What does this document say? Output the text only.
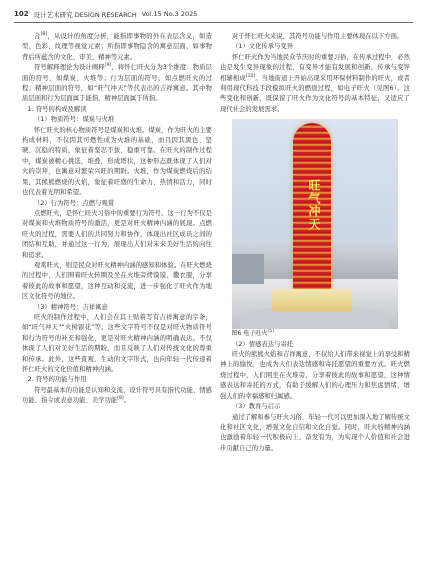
102 设计艺术研究 DESIGN RESEARCH Vol.15 No.3 2025

合[8]，从设计的角度分析，能指即事物的外在表层含义，如造型、色彩、纹理等视觉元素；所指即事物隐含的寓意层面，如事物背后所蕴含的文化、审美、精神等元素。

符号解释理论为设计阐释[9]，将怀仁旺火分为3个维度：物质层面的符号，如煤炭、火堆等；行为层面的符号，如点燃旺火的过程；精神层面的符号，如“旺气冲天”等代表出的吉祥寓意。其中物质层面和行为层面属于能指，精神层面属于所指。

1. 符号的构成及解读
（1）物质符号：煤炭与火堆

怀仁旺火的核心物质符号是煤炭和火堆。煤炭，作为旺火的主要构成材料，不仅因其可燃性成为火堆的基础，而且因其黑色、坚硬、沉稳的特质，象征着坚忍不拔、稳重可靠。在旺火的制作过程中，煤炭被精心挑选，堆叠，形成塔状，这种形态既体现了人们对火的崇拜，也寓意对繁荣兴旺的期盼。火堆，作为煤炭燃烧后的结果，其熊熊燃烧的火焰，象征着旺盛的生命力、热情和活力，同时也代表着光明和希望。

（2）行为符号：点燃与观赏

点燃旺火，是怀仁旺火习俗中的重要行为符号。这一行为不仅是对煤炭和火堆物质符号的激活，更是对旺火精神内涵的展现。点燃旺火的过程，需要人们的共同努力和协作，体现出社区成员之间的团结和互助，并通过这一行为，展现出人们对未来美好生活的向往和追求。

观赏旺火，则是民众对旺火精神内涵的感知和体验。在旺火燃烧的过程中，人们围着旺火转圈及坐在火堆旁烤馍馍、撒衣服，分享着彼此的故事和愿望，这种互动和交流，进一步强化了旺火作为地区文化符号的地位。

（3）精神符号：吉祥寓意

旺火的制作过程中，人们会在其上贴着写有吉祥寓意的字条，如“旺气冲天”“火树银花”等。这些文字符号不仅是对旺火物质符号和行为符号的补充和强化，更是对旺火精神内涵的明确表达。不仅体现了人们对美好生活的期盼，而且反映了人们对传统文化的尊重和传承。此外，这些直观、生动的文字形式，也向年轻一代传递着怀仁旺火的文化价值和精神内涵。

2. 符号的功能与作用

符号最基本的功能是认知和交流，设计符号具有指代功能、情感功能、指令或表意功能、美学功能[9]。

对于怀仁旺火来说，其符号功能与作用主要体现在以下方面。

（1）文化传承与变异

怀仁旺火作为当地民众节庆时的重要习俗，在传承过程中，必然也是发生变异现象的过程，有变异才能有发展和创新，传承与变异相辅相成[10]。当地街道上开始出现采用环保材料制作的旺火，或者利用现代科技手段模拟旺火的燃烧过程，如电子旺火（见图6）。这些变化和创新，既保留了旺火作为文化符号的基本特征，又适应了现代社会的发展需求。

旺气冲天

图6 电子旺火[5]

（2）情感表达与寄托

旺火的熊熊火焰和吉祥寓意，不仅给人们带来视觉上的享受和精神上的愉悦，也成为人们表达情感和寄托愿望的重要方式。旺火燃烧过程中，人们围坐在火堆旁，分享着彼此的故事和愿望，这种情感表达和寄托的方式，有助于缓解人们的心理压力和焦虑情绪，增强人们的幸福感和归属感。

（3）教育与启示

通过了解和参与旺火习俗，年轻一代可以更加深入地了解传统文化和社区文化，增强文化自信和文化自觉。同时，旺火的精神内涵也激励着年轻一代积极向上、奋发有为，为实现个人价值和社会进步贡献自己的力量。
